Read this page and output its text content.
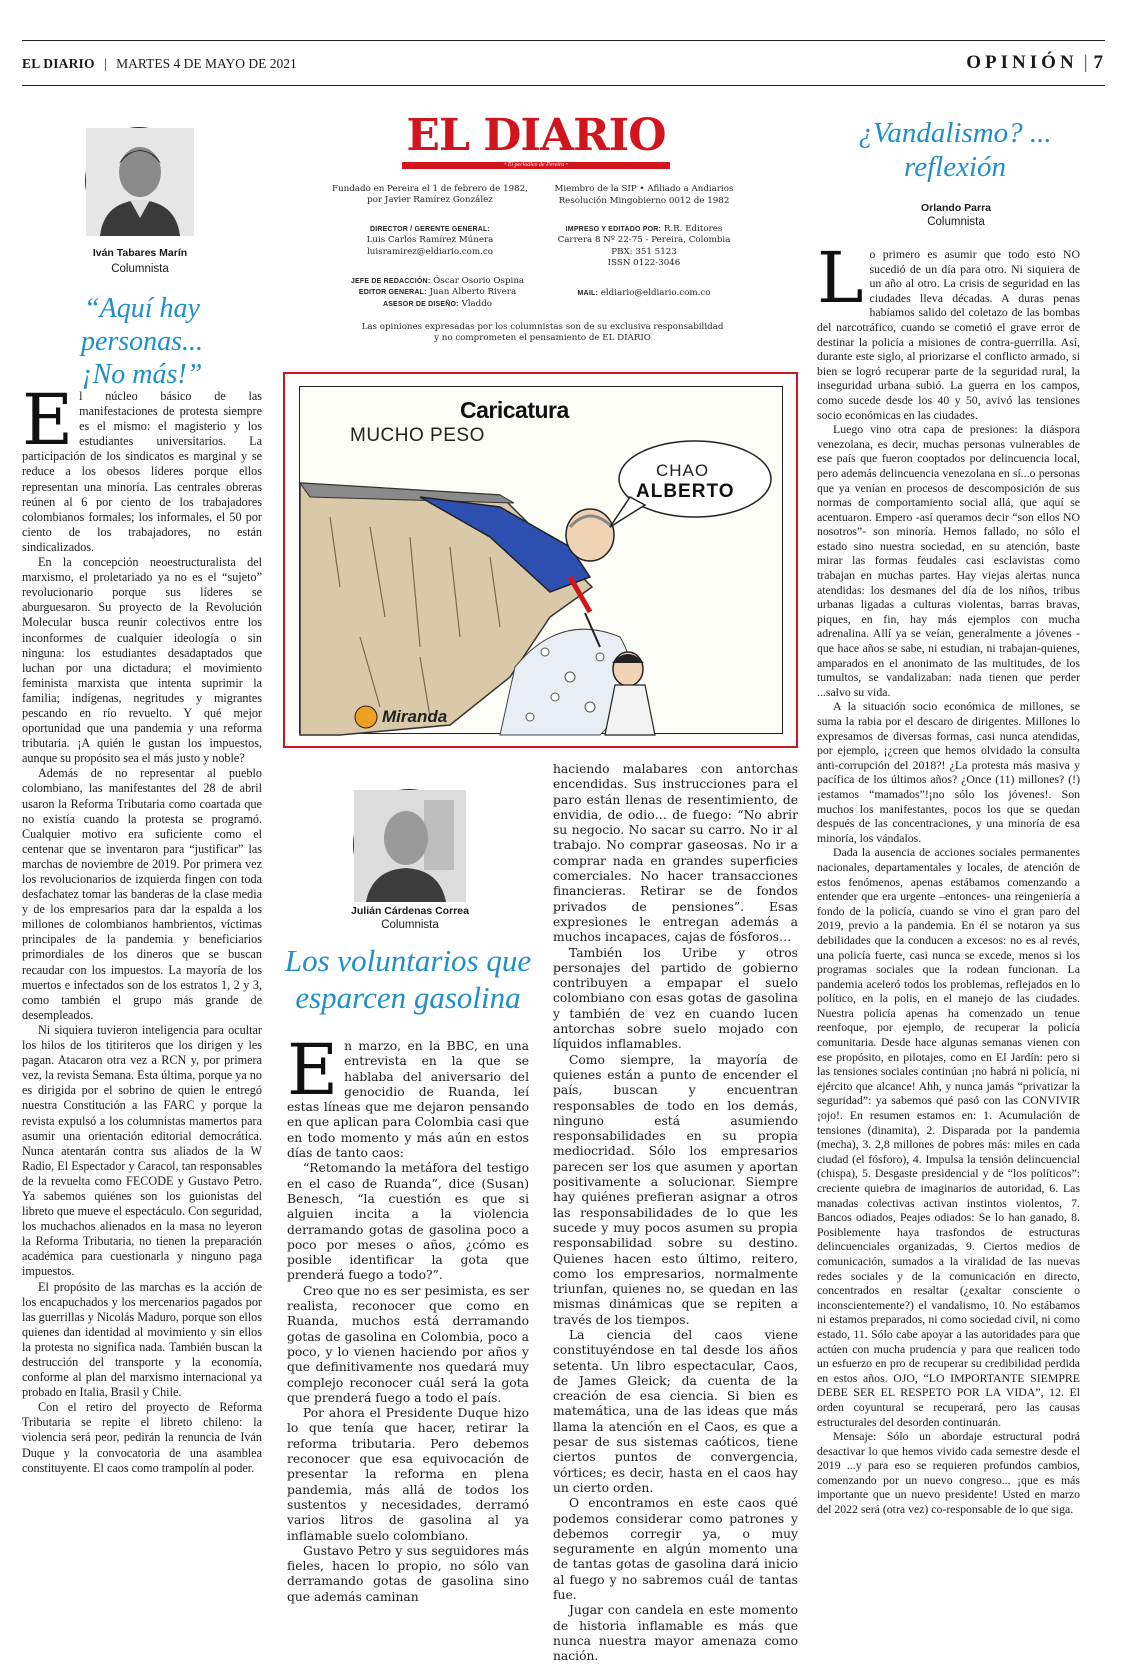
EL DIARIO | MARTES 4 DE MAYO DE 2021	OPINIÓN | 7
Iván Tabares Marín
Columnista
“Aquí hay personas...
¡No más!”
E l núcleo básico de las manifestaciones de protesta siempre es el mismo: el magisterio y los estudiantes universitarios. La participación de los sindicatos es marginal y se reduce a los obesos líderes porque ellos representan una minoría. Las centrales obreras reúnen al 6 por ciento de los trabajadores colombianos formales; los informales, el 50 por ciento de los trabajadores, no están sindicalizados.

En la concepción neoestructuralista del marxismo, el proletariado ya no es el “sujeto” revolucionario porque sus líderes se aburguesaron. Su proyecto de la Revolución Molecular busca reunir colectivos entre los inconformes de cualquier ideología o sin ninguna: los estudiantes desadaptados que luchan por una dictadura; el movimiento feminista marxista que intenta suprimir la familia; indígenas, negritudes y migrantes pescando en río revuelto. Y qué mejor oportunidad que una pandemia y una reforma tributaria. ¡A quién le gustan los impuestos, aunque su propósito sea el más justo y noble?

Además de no representar al pueblo colombiano, las manifestantes del 28 de abril usaron la Reforma Tributaria como coartada que no existía cuando la protesta se programó. Cualquier motivo era suficiente como el centenar que se inventaron para “justificar” las marchas de noviembre de 2019. Por primera vez los revolucionarios de izquierda fingen con toda desfachatez tomar las banderas de la clase media y de los empresarios para dar la espalda a los millones de colombianos hambrientos, víctimas principales de la pandemia y beneficiarios primordiales de los dineros que se buscan recaudar con los impuestos. La mayoría de los muertos e infectados son de los estratos 1, 2 y 3, como también el grupo más grande de desempleados.

Ni siquiera tuvieron inteligencia para ocultar los hilos de los titiriteros que los dirigen y les pagan. Atacaron otra vez a RCN y, por primera vez, la revista Semana. Esta última, porque ya no es dirigida por el sobrino de quien le entregó nuestra Constitución a las FARC y porque la revista expulsó a los columnistas mamertos para asumir una orientación editorial democrática. Nunca atentarán contra sus aliados de la W Radio, El Espectador y Caracol, tan responsables de la revuelta como FECODE y Gustavo Petro. Ya sabemos quiénes son los guionistas del libreto que mueve el espectáculo. Con seguridad, los muchachos alienados en la masa no leyeron la Reforma Tributaria, no tienen la preparación académica para cuestionarla y ninguno paga impuestos.

El propósito de las marchas es la acción de los encapuchados y los mercenarios pagados por las guerrillas y Nicolás Maduro, porque son ellos quienes dan identidad al movimiento y sin ellos la protesta no significa nada. También buscan la destrucción del transporte y la economía, conforme al plan del marxismo internacional ya probado en Italia, Brasil y Chile.

Con el retiro del proyecto de Reforma Tributaria se repite el libreto chileno: la violencia será peor, pedirán la renuncia de Iván Duque y la convocatoria de una asamblea constituyente. El caos como trampolín al poder.

EL DIARIO
• El periódico de Pereira •
Fundado en Pereira el 1 de febrero de 1982, por Javier Ramírez González
Miembro de la SIP • Afiliado a Andiarios
Resolución Mingobierno 0012 de 1982
DIRECTOR / GERENTE GENERAL:
Luis Carlos Ramírez Múnera
luisramirez@eldiario.com.co
IMPRESO Y EDITADO POR: R.R. Editores
Carrera 8 Nº 22-75 - Pereira, Colombia
PBX: 351 5123
ISSN 0122-3046
JEFE DE REDACCIÓN: Óscar Osorio Ospina
EDITOR GENERAL: Juan Alberto Rivera
ASESOR DE DISEÑO: Vladdo
MAIL: eldiario@eldiario.com.co
Las opiniones expresadas por los columnistas son de su exclusiva responsabilidad
y no comprometen el pensamiento de EL DIARIO
Caricatura
MUCHO PESO
CHAO
ALBERTO
Miranda
Julián Cárdenas Correa
Columnista
Los voluntarios que
esparcen gasolina
E n marzo, en la BBC, en una entrevista en la que se hablaba del aniversario del genocidio de Ruanda, leí estas líneas que me dejaron pensando en que aplican para Colombia casi que en todo momento y más aún en estos días de tanto caos:

“Retomando la metáfora del testigo en el caso de Ruanda”, dice (Susan) Benesch, “la cuestión es que si alguien incita a la violencia derramando gotas de gasolina poco a poco por meses o años, ¿cómo es posible identificar la gota que prenderá fuego a todo?”.

Creo que no es ser pesimista, es ser realista, reconocer que como en Ruanda, muchos está derramando gotas de gasolina en Colombia, poco a poco, y lo vienen haciendo por años y que definitivamente nos quedará muy complejo reconocer cuál será la gota que prenderá fuego a todo el país.

Por ahora el Presidente Duque hizo lo que tenía que hacer, retirar la reforma tributaria. Pero debemos reconocer que esa equivocación de presentar la reforma en plena pandemia, más allá de todos los sustentos y necesidades, derramó varios litros de gasolina al ya inflamable suelo colombiano.

Gustavo Petro y sus seguidores más fieles, hacen lo propio, no sólo van derramando gotas de gasolina sino que además caminan

haciendo malabares con antorchas encendidas. Sus instrucciones para el paro están llenas de resentimiento, de envidia, de odio… de fuego: “No abrir su negocio. No sacar su carro. No ir al trabajo. No comprar gaseosas. No ir a comprar nada en grandes superficies comerciales. No hacer transacciones financieras. Retirar se de fondos privados de pensiones”. Esas expresiones le entregan además a muchos incapaces, cajas de fósforos…

También los Uribe y otros personajes del partido de gobierno contribuyen a empapar el suelo colombiano con esas gotas de gasolina y también de vez en cuando lucen antorchas sobre suelo mojado con líquidos inflamables.

Como siempre, la mayoría de quienes están a punto de encender el país, buscan y encuentran responsables de todo en los demás, ninguno está asumiendo responsabilidades en su propia mediocridad. Sólo los empresarios parecen ser los que asumen y aportan positivamente a solucionar. Siempre hay quiénes prefieran asignar a otros las responsabilidades de lo que les sucede y muy pocos asumen su propia responsabilidad sobre su destino. Quienes hacen esto último, reitero, como los empresarios, normalmente triunfan, quienes no, se quedan en las mismas dinámicas que se repiten a través de los tiempos.

La ciencia del caos viene constituyéndose en tal desde los años setenta. Un libro espectacular, Caos, de James Gleick; da cuenta de la creación de esa ciencia. Si bien es matemática, una de las ideas que más llama la atención en el Caos, es que a pesar de sus sistemas caóticos, tiene ciertos puntos de convergencia, vórtices; es decir, hasta en el caos hay un cierto orden.

O encontramos en este caos qué podemos considerar como patrones y debemos corregir ya, o muy seguramente en algún momento una de tantas gotas de gasolina dará inicio al fuego y no sabremos cuál de tantas fue.

Jugar con candela en este momento de historia inflamable es más que nunca nuestra mayor amenaza como nación.

¿Vandalismo? ...
reflexión
Orlando Parra
Columnista
L o primero es asumir que todo esto NO sucedió de un día para otro. Ni siquiera de un año al otro. La crisis de seguridad en las ciudades lleva décadas. A duras penas habíamos salido del coletazo de las bombas del narcotráfico, cuando se cometió el grave error de destinar la policía a misiones de contra-guerrilla. Así, durante este siglo, al priorizarse el conflicto armado, si bien se logró recuperar parte de la seguridad rural, la inseguridad urbana subió. La guerra en los campos, como sucede desde los 40 y 50, avivó las tensiones socio económicas en las ciudades.

Luego vino otra capa de presiones: la diáspora venezolana, es decir, muchas personas vulnerables de ese país que fueron cooptados por delincuencia local, pero además delincuencia venezolana en sí...o personas que ya venían en procesos de descomposición de sus normas de comportamiento social allá, que aquí se acentuaron. Empero -así queramos decir “son ellos NO nosotros”- son minoría. Hemos fallado, no sólo el estado sino nuestra sociedad, en su atención, baste mirar las formas feudales casi esclavistas como trabajan en muchas partes. Hay viejas alertas nunca atendidas: los desmanes del día de los niños, tribus urbanas ligadas a culturas violentas, barras bravas, piques, en fin, hay más ejemplos con mucha adrenalina. Allí ya se veían, generalmente a jóvenes - que hace años se sabe, ni estudian, ni trabajan-quienes, amparados en el anonimato de las multitudes, de los tumultos, se vandalizaban: nada tienen que perder ...salvo su vida.

A la situación socio económica de millones, se suma la rabia por el descaro de dirigentes. Millones lo expresamos de diversas formas, casi nunca atendidas, por ejemplo, ¡¿creen que hemos olvidado la consulta anti-corrupción del 2018?! ¿La protesta más masiva y pacífica de los últimos años? ¿Once (11) millones? (!) ¡estamos “mamados”!¡no sólo los jóvenes!. Son muchos los manifestantes, pocos los que se quedan después de las concentraciones, y una minoría de esa minoría, los vándalos.

Dada la ausencia de acciones sociales permanentes nacionales, departamentales y locales, de atención de estos fenómenos, apenas estábamos comenzando a entender que era urgente –entonces- una reingeniería a fondo de la policía, cuando se vino el gran paro del 2019, previo a la pandemia. En él se notaron ya sus debilidades que la conducen a excesos: no es al revés, una policía fuerte, casi nunca se excede, menos si los programas sociales que la rodean funcionan. La pandemia aceleró todos los problemas, reflejados en lo político, en la polis, en el manejo de las ciudades. Nuestra policía apenas ha comenzado un tenue reenfoque, por ejemplo, de recuperar la policía comunitaria. Desde hace algunas semanas vienen con ese propósito, en pilotajes, como en El Jardín: pero si las tensiones sociales continúan ¡no habrá ni policía, ni ejército que alcance! Ahh, y nunca jamás “privatizar la seguridad”: ya sabemos qué pasó con las CONVIVIR ¡ojo!. En resumen estamos en: 1. Acumulación de tensiones (dinamita), 2. Disparada por la pandemia (mecha), 3. 2,8 millones de pobres más: miles en cada ciudad (el fósforo), 4. Impulsa la tensión delincuencial (chispa), 5. Desgaste presidencial y de “los políticos”: creciente quiebra de imaginarios de autoridad, 6. Las manadas colectivas activan instintos violentos, 7. Bancos odiados, Peajes odiados: Se lo han ganado, 8. Posiblemente haya trasfondos de estructuras delincuenciales organizadas, 9. Ciertos medios de comunicación, sumados a la viralidad de las nuevas redes sociales y de la comunicación en directo, concentrados en resaltar (¿exaltar consciente o inconscientemente?) el vandalismo, 10. No estábamos ni estamos preparados, ni como sociedad civil, ni como estado, 11. Sólo cabe apoyar a las autoridades para que actúen con mucha prudencia y para que realicen todo un esfuerzo en pro de recuperar su credibilidad perdida en estos años. OJO, “LO IMPORTANTE SIEMPRE DEBE SER EL RESPETO POR LA VIDA”, 12. El orden coyuntural se recuperará, pero las causas estructurales del desorden continuarán.

Mensaje: Sólo un abordaje estructural podrá desactivar lo que hemos vivido cada semestre desde el 2019 ...y para eso se requieren profundos cambios, comenzando por un nuevo congreso... ¡que es más importante que un nuevo presidente! Usted en marzo del 2022 será (otra vez) co-responsable de lo que siga.
